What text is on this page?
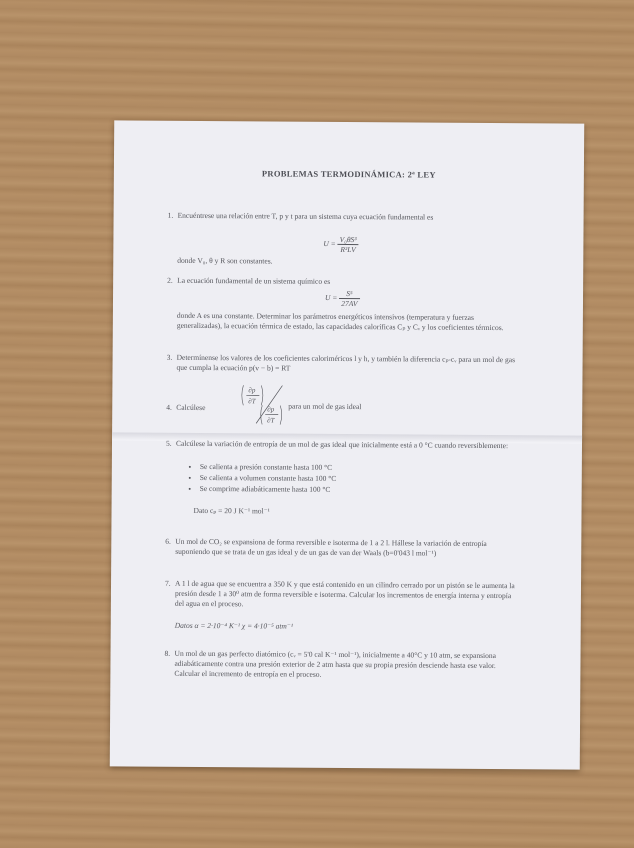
PROBLEMAS TERMODINÁMICA: 2ª LEY
1. Encuéntrese una relación entre T, p y t para un sistema cuya ecuación fundamental es
$U = \frac{\text{V₀θS³}}{\text{R²LV}}$
donde V₀, θ y R son constantes.
2. La ecuación fundamental de un sistema químico es
$U = \frac{\text{S⁵}}{27AV}$
donde A es una constante. Determinar los parámetros energéticos intensivos (temperatura y fuerzas generalizadas), la ecuación térmica de estado, las capacidades caloríficas Cₚ y Cᵥ y los coeficientes térmicos.
3. Determínense los valores de los coeficientes caloriméricos l y h, y también la diferencia cₚ-cᵥ para un mol de gas que cumpla la ecuación p(v − b) = RT
4. Calcúlese
∂p
∂T
∂p
∂T
para un mol de gas ideal
5. Calcúlese la variación de entropía de un mol de gas ideal que inicialmente está a 0 °C cuando reversiblemente:
• Se calienta a presión constante hasta 100 °C
• Se calienta a volumen constante hasta 100 °C
• Se comprime adiabáticamente hasta 100 °C
Dato cₚ = 20 J K⁻¹ mol⁻¹
6. Un mol de CO₂ se expansiona de forma reversible e isoterma de 1 a 2 l. Hállese la variación de entropía suponiendo que se trata de un gas ideal y de un gas de van der Waals (b=0'043 l mol⁻¹)
7. A 1 l de agua que se encuentra a 350 K y que está contenido en un cilindro cerrado por un pistón se le aumenta la presión desde 1 a 30⁰ atm de forma reversible e isoterma. Calcular los incrementos de energía interna y entropía del agua en el proceso.
Datos α = 2·10⁻⁴ K⁻¹ χ = 4·10⁻⁵ atm⁻¹
8. Un mol de un gas perfecto diatómico (cᵥ = 5'0 cal K⁻¹ mol⁻¹), inicialmente a 40°C y 10 atm, se expansiona adiabáticamente contra una presión exterior de 2 atm hasta que su propia presión desciende hasta ese valor. Calcular el incremento de entropía en el proceso.
